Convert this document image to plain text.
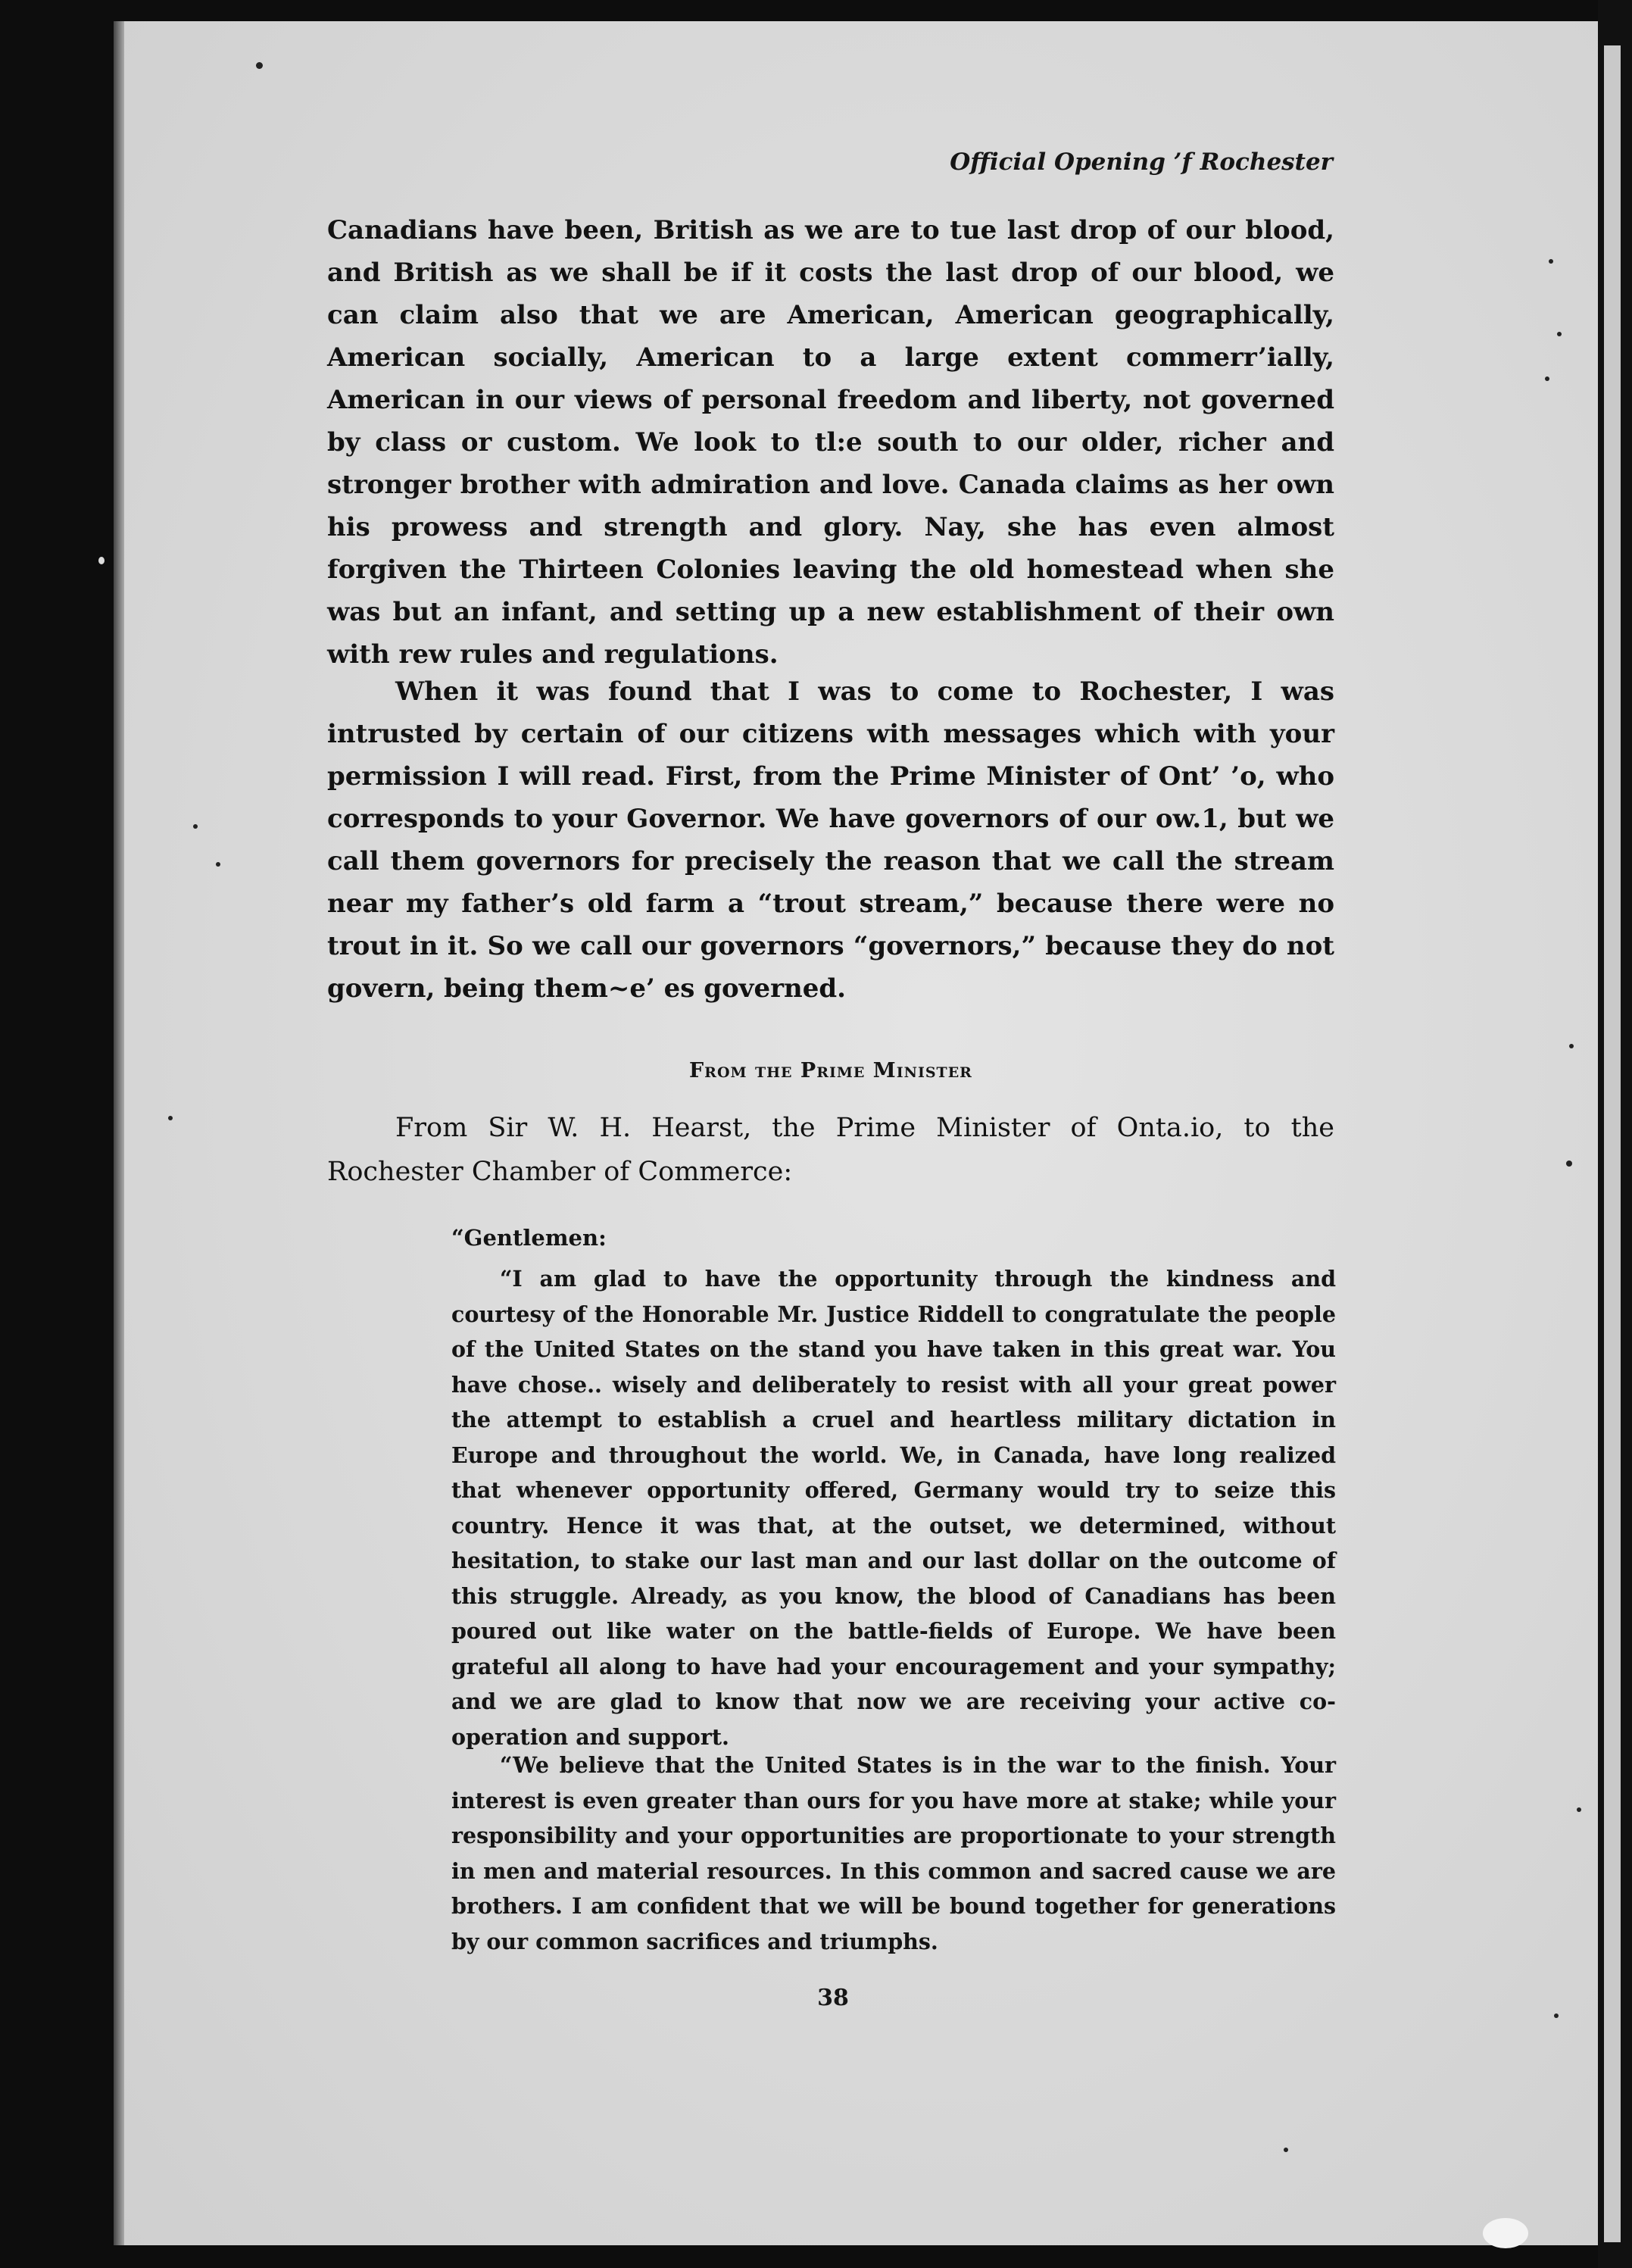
Official Opening ’f Rochester

Canadians have been, British as we are to tue last drop of our blood, and British as we shall be if it costs the last drop of our blood, we can claim also that we are American, American geographically, American socially, American to a large extent commerr’ially, American in our views of personal freedom and liberty, not governed by class or custom. We look to tl:e south to our older, richer and stronger brother with admiration and love. Canada claims as her own his prowess and strength and glory. Nay, she has even almost forgiven the Thirteen Colonies leaving the old homestead when she was but an infant, and setting up a new establishment of their own with rew rules and regulations.

When it was found that I was to come to Rochester, I was intrusted by certain of our citizens with messages which with your permission I will read. First, from the Prime Minister of Ont’ ’o, who corresponds to your Governor. We have governors of our ow.1, but we call them governors for precisely the reason that we call the stream near my father’s old farm a “trout stream,” because there were no trout in it. So we call our governors “governors,” because they do not govern, being them~e’ es governed.

From the Prime Minister

From Sir W. H. Hearst, the Prime Minister of Onta.io, to the Rochester Chamber of Commerce:

“Gentlemen:

“I am glad to have the opportunity through the kindness and courtesy of the Honorable Mr. Justice Riddell to congratulate the people of the United States on the stand you have taken in this great war. You have chose.. wisely and deliberately to resist with all your great power the attempt to establish a cruel and heartless military dictation in Europe and throughout the world. We, in Canada, have long realized that whenever opportunity offered, Germany would try to seize this country. Hence it was that, at the outset, we determined, without hesitation, to stake our last man and our last dollar on the outcome of this struggle. Already, as you know, the blood of Canadians has been poured out like water on the battle-fields of Europe. We have been grateful all along to have had your encouragement and your sympathy; and we are glad to know that now we are receiving your active co-operation and support.

“We believe that the United States is in the war to the finish. Your interest is even greater than ours for you have more at stake; while your responsibility and your opportunities are proportionate to your strength in men and material resources. In this common and sacred cause we are brothers. I am confident that we will be bound together for generations by our common sacrifices and triumphs.

38
